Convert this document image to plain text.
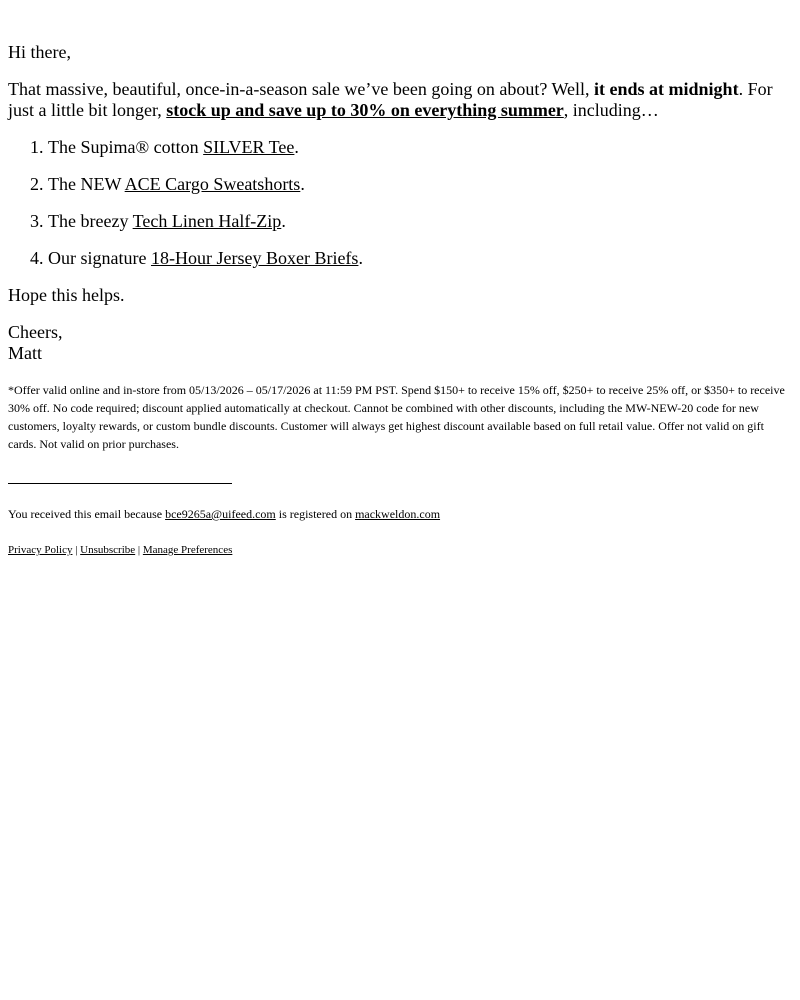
Hi there,

That massive, beautiful, once-in-a-season sale we’ve been going on about? Well, it ends at midnight. For just a little bit longer, stock up and save up to 30% on everything summer, including…

1. The Supima® cotton SILVER Tee.
2. The NEW ACE Cargo Sweatshorts.
3. The breezy Tech Linen Half-Zip.
4. Our signature 18-Hour Jersey Boxer Briefs.

Hope this helps.

Cheers,
Matt

*Offer valid online and in-store from 05/13/2026 – 05/17/2026 at 11:59 PM PST. Spend $150+ to receive 15% off, $250+ to receive 25% off, or $350+ to receive 30% off. No code required; discount applied automatically at checkout. Cannot be combined with other discounts, including the MW-NEW-20 code for new customers, loyalty rewards, or custom bundle discounts. Customer will always get highest discount available based on full retail value. Offer not valid on gift cards. Not valid on prior purchases.

You received this email because bce9265a@uifeed.com is registered on mackweldon.com

Privacy Policy | Unsubscribe | Manage Preferences
